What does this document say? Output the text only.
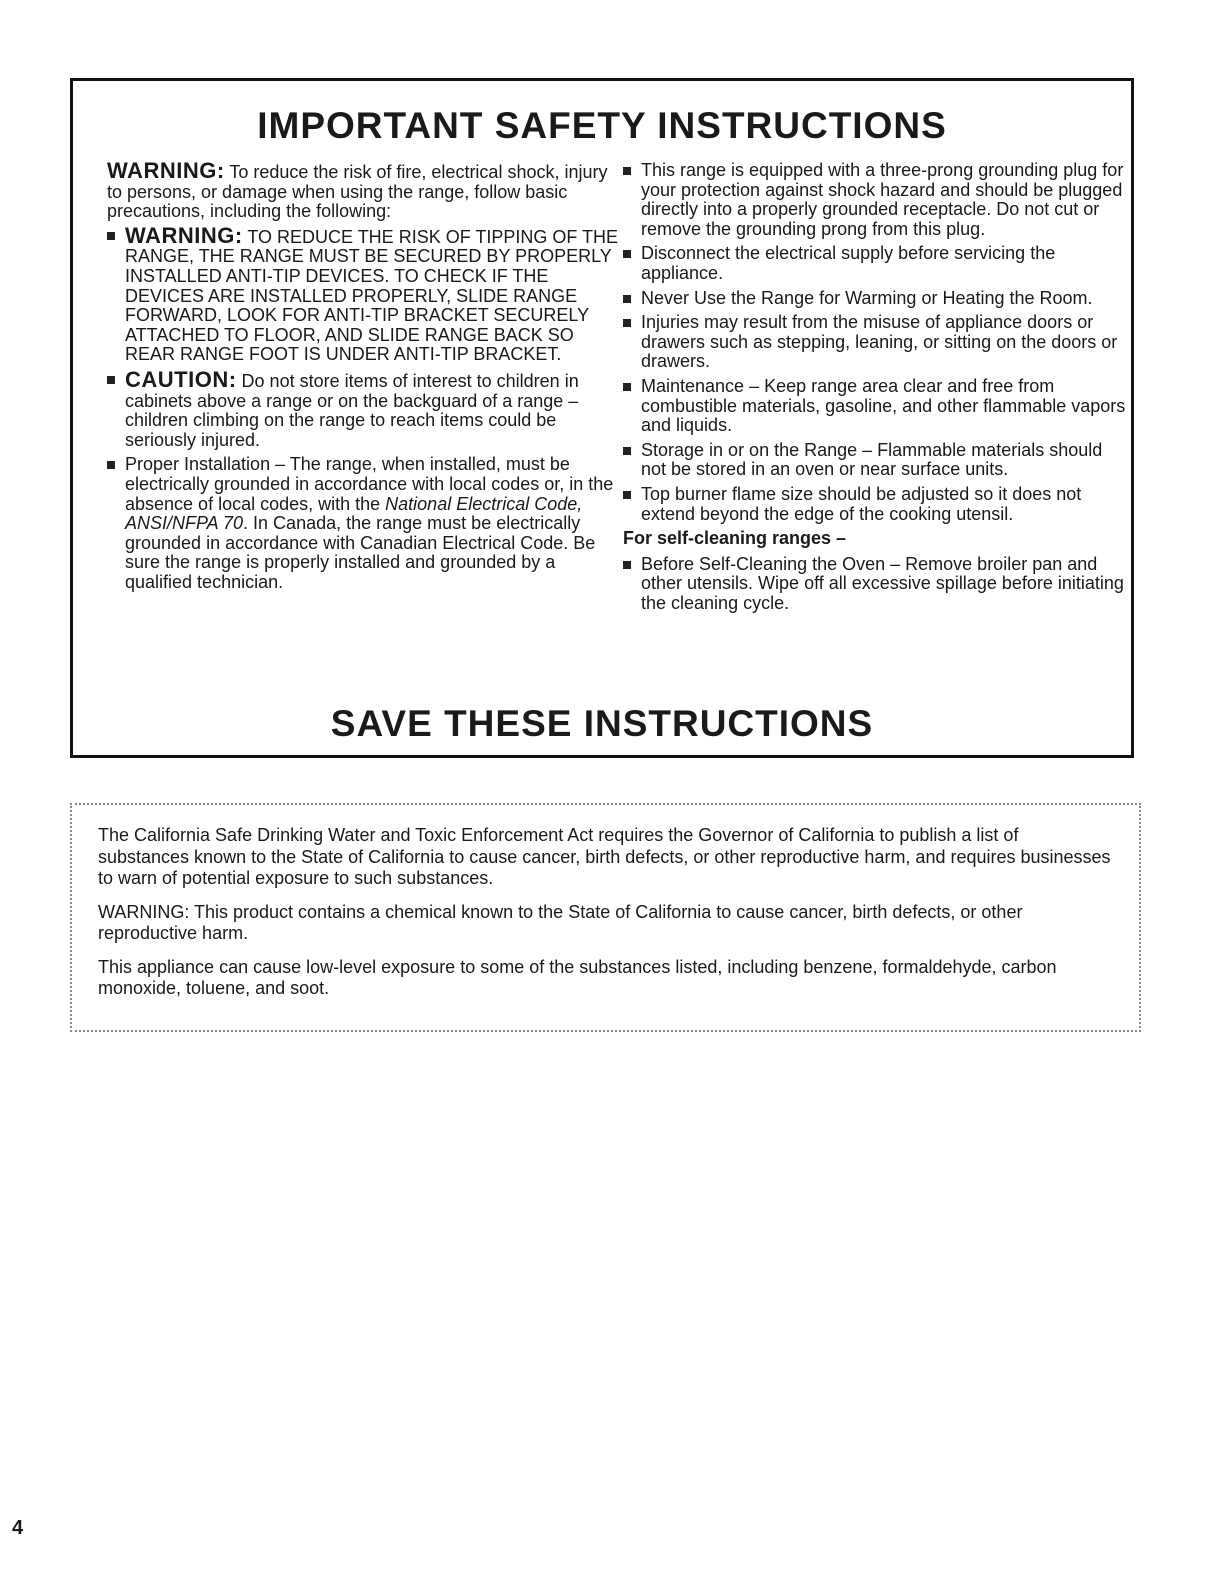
IMPORTANT SAFETY INSTRUCTIONS

WARNING: To reduce the risk of fire, electrical shock, injury to persons, or damage when using the range, follow basic precautions, including the following:

WARNING: TO REDUCE THE RISK OF TIPPING OF THE RANGE, THE RANGE MUST BE SECURED BY PROPERLY INSTALLED ANTI-TIP DEVICES. TO CHECK IF THE DEVICES ARE INSTALLED PROPERLY, SLIDE RANGE FORWARD, LOOK FOR ANTI-TIP BRACKET SECURELY ATTACHED TO FLOOR, AND SLIDE RANGE BACK SO REAR RANGE FOOT IS UNDER ANTI-TIP BRACKET.
CAUTION: Do not store items of interest to children in cabinets above a range or on the backguard of a range – children climbing on the range to reach items could be seriously injured.
Proper Installation – The range, when installed, must be electrically grounded in accordance with local codes or, in the absence of local codes, with the National Electrical Code, ANSI/NFPA 70. In Canada, the range must be electrically grounded in accordance with Canadian Electrical Code. Be sure the range is properly installed and grounded by a qualified technician.
This range is equipped with a three-prong grounding plug for your protection against shock hazard and should be plugged directly into a properly grounded receptacle. Do not cut or remove the grounding prong from this plug.
Disconnect the electrical supply before servicing the appliance.
Never Use the Range for Warming or Heating the Room.
Injuries may result from the misuse of appliance doors or drawers such as stepping, leaning, or sitting on the doors or drawers.
Maintenance – Keep range area clear and free from combustible materials, gasoline, and other flammable vapors and liquids.
Storage in or on the Range – Flammable materials should not be stored in an oven or near surface units.
Top burner flame size should be adjusted so it does not extend beyond the edge of the cooking utensil.

For self-cleaning ranges –

Before Self-Cleaning the Oven – Remove broiler pan and other utensils. Wipe off all excessive spillage before initiating the cleaning cycle.
SAVE THESE INSTRUCTIONS

The California Safe Drinking Water and Toxic Enforcement Act requires the Governor of California to publish a list of substances known to the State of California to cause cancer, birth defects, or other reproductive harm, and requires businesses to warn of potential exposure to such substances.

WARNING: This product contains a chemical known to the State of California to cause cancer, birth defects, or other reproductive harm.

This appliance can cause low-level exposure to some of the substances listed, including benzene, formaldehyde, carbon monoxide, toluene, and soot.

4
